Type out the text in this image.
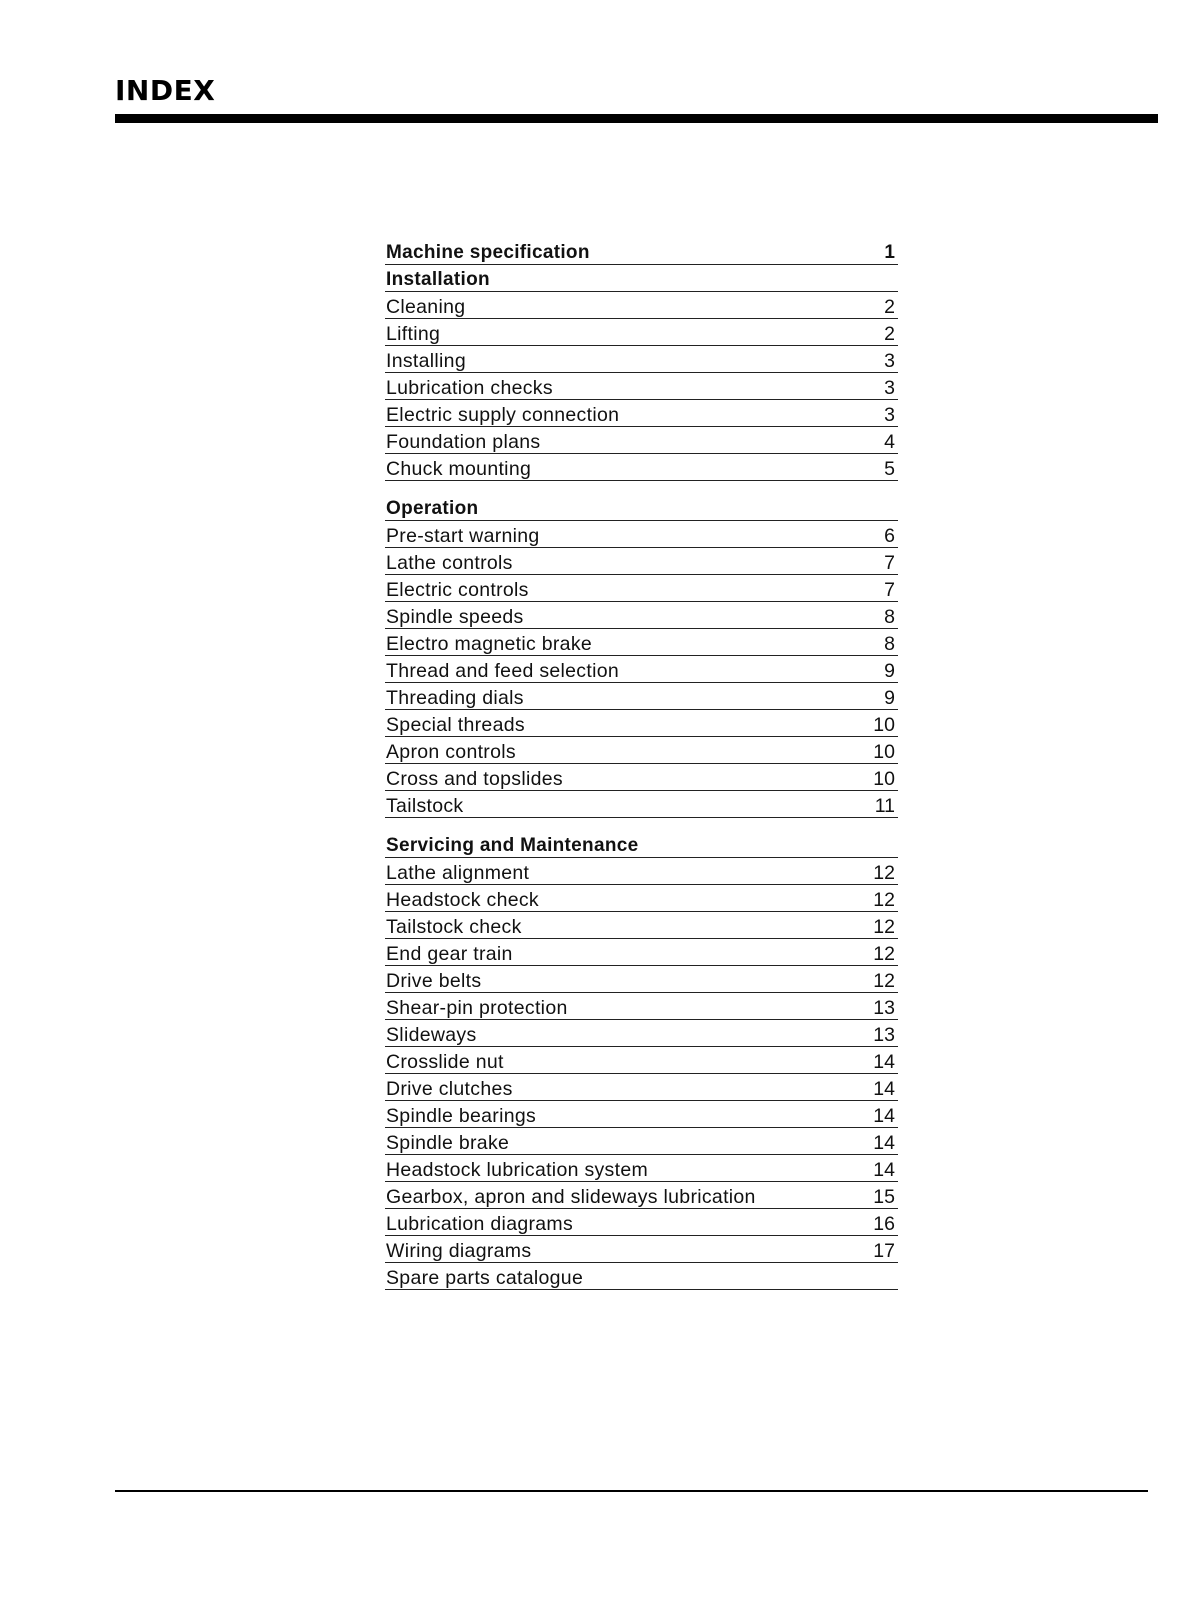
INDEX
Machine specification	1
Installation
Cleaning	2
Lifting	2
Installing	3
Lubrication checks	3
Electric supply connection	3
Foundation plans	4
Chuck mounting	5
Operation
Pre-start warning	6
Lathe controls	7
Electric controls	7
Spindle speeds	8
Electro magnetic brake	8
Thread and feed selection	9
Threading dials	9
Special threads	10
Apron controls	10
Cross and topslides	10
Tailstock	11
Servicing and Maintenance
Lathe alignment	12
Headstock check	12
Tailstock check	12
End gear train	12
Drive belts	12
Shear-pin protection	13
Slideways	13
Crosslide nut	14
Drive clutches	14
Spindle bearings	14
Spindle brake	14
Headstock lubrication system	14
Gearbox, apron and slideways lubrication	15
Lubrication diagrams	16
Wiring diagrams	17
Spare parts catalogue
